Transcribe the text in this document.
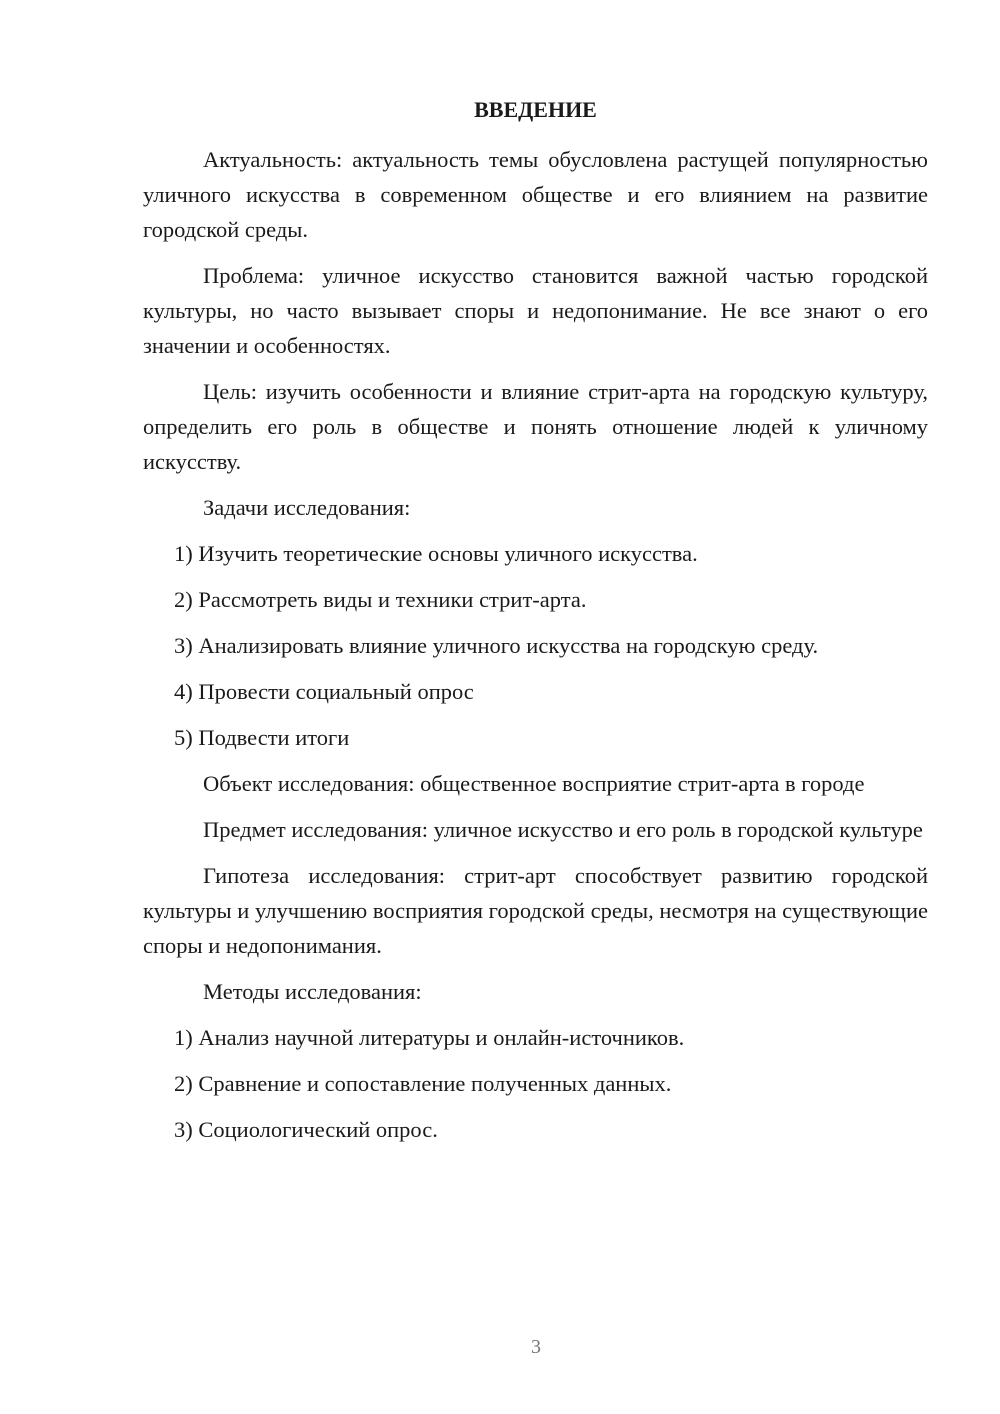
ВВЕДЕНИЕ
Актуальность: актуальность темы обусловлена растущей популярностью уличного искусства в современном обществе и его влиянием на развитие городской среды.
Проблема: уличное искусство становится важной частью городской культуры, но часто вызывает споры и недопонимание. Не все знают о его значении и особенностях.
Цель: изучить особенности и влияние стрит-арта на городскую культуру, определить его роль в обществе и понять отношение людей к уличному искусству.
Задачи исследования:
1) Изучить теоретические основы уличного искусства.
2) Рассмотреть виды и техники стрит-арта.
3) Анализировать влияние уличного искусства на городскую среду.
4) Провести социальный опрос
5) Подвести итоги
Объект исследования: общественное восприятие стрит-арта в городе
Предмет исследования: уличное искусство и его роль в городской культуре
Гипотеза исследования: стрит-арт способствует развитию городской культуры и улучшению восприятия городской среды, несмотря на существующие споры и недопонимания.
Методы исследования:
1) Анализ научной литературы и онлайн-источников.
2) Сравнение и сопоставление полученных данных.
3) Социологический опрос.
3
